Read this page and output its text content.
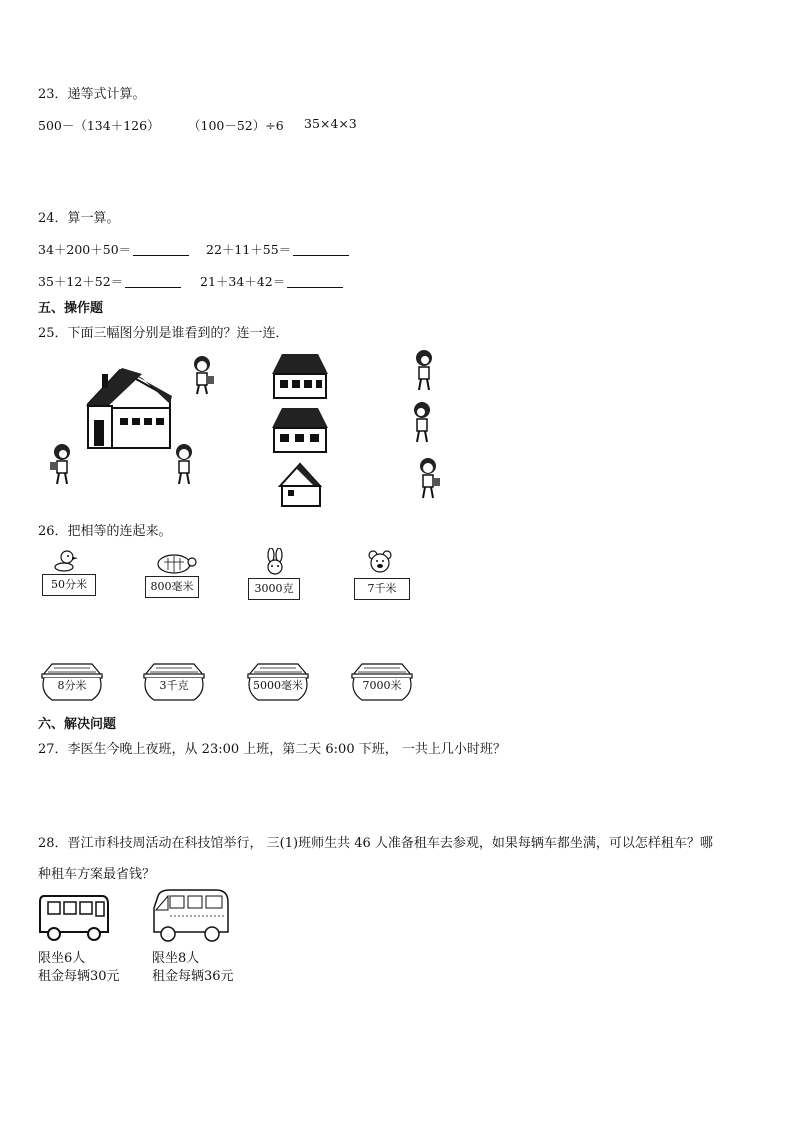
23．递等式计算。
500－（134＋126） （100－52）÷6 35×4×3
24．算一算。
34＋200＋50＝	22＋11＋55＝
35＋12＋52＝	21＋34＋42＝
五、操作题
25．下面三幅图分别是谁看到的？连一连．
26．把相等的连起来。
50分米	800毫米	3000克	7千米
8分米	3千克	5000毫米	7000米
六、解决问题
27．李医生今晚上夜班，从 23:00 上班，第二天 6:00 下班， 一共上几小时班？
28．晋江市科技周活动在科技馆举行， 三(1)班师生共 46 人准备租车去参观，如果每辆车都坐满，可以怎样租车？哪
种租车方案最省钱？
限坐6人
租金每辆30元
限坐8人
租金每辆36元
